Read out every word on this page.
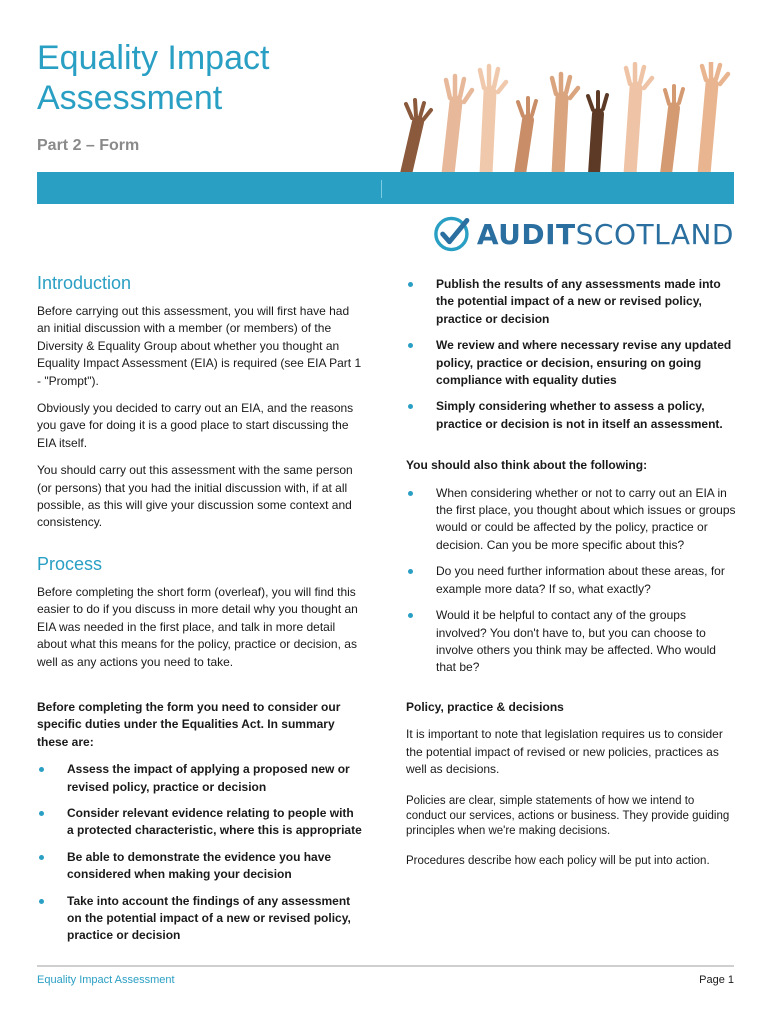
Equality Impact Assessment
Part 2 – Form
AUDITSCOTLAND
Introduction

Before carrying out this assessment, you will first have had an initial discussion with a member (or members) of the Diversity & Equality Group about whether you thought an Equality Impact Assessment (EIA) is required (see EIA Part 1 - "Prompt").

Obviously you decided to carry out an EIA, and the reasons you gave for doing it is a good place to start discussing the EIA itself.

You should carry out this assessment with the same person (or persons) that you had the initial discussion with, if at all possible, as this will give your discussion some context and consistency.

Process

Before completing the short form (overleaf), you will find this easier to do if you discuss in more detail why you thought an EIA was needed in the first place, and talk in more detail about what this means for the policy, practice or decision, as well as any actions you need to take.

Before completing the form you need to consider our specific duties under the Equalities Act. In summary these are:

Assess the impact of applying a proposed new or revised policy, practice or decision
Consider relevant evidence relating to people with a protected characteristic, where this is appropriate
Be able to demonstrate the evidence you have considered when making your decision
Take into account the findings of any assessment on the potential impact of a new or revised policy, practice or decision
Publish the results of any assessments made into the potential impact of a new or revised policy, practice or decision
We review and where necessary revise any updated policy, practice or decision, ensuring on going compliance with equality duties
Simply considering whether to assess a policy, practice or decision is not in itself an assessment.

You should also think about the following:

When considering whether or not to carry out an EIA in the first place, you thought about which issues or groups would or could be affected by the policy, practice or decision. Can you be more specific about this?
Do you need further information about these areas, for example more data? If so, what exactly?
Would it be helpful to contact any of the groups involved? You don't have to, but you can choose to involve others you think may be affected. Who would that be?

Policy, practice & decisions

It is important to note that legislation requires us to consider the potential impact of revised or new policies, practices as well as decisions.

Policies are clear, simple statements of how we intend to conduct our services, actions or business. They provide guiding principles when we're making decisions.

Procedures describe how each policy will be put into action.

Equality Impact Assessment	Page 1
